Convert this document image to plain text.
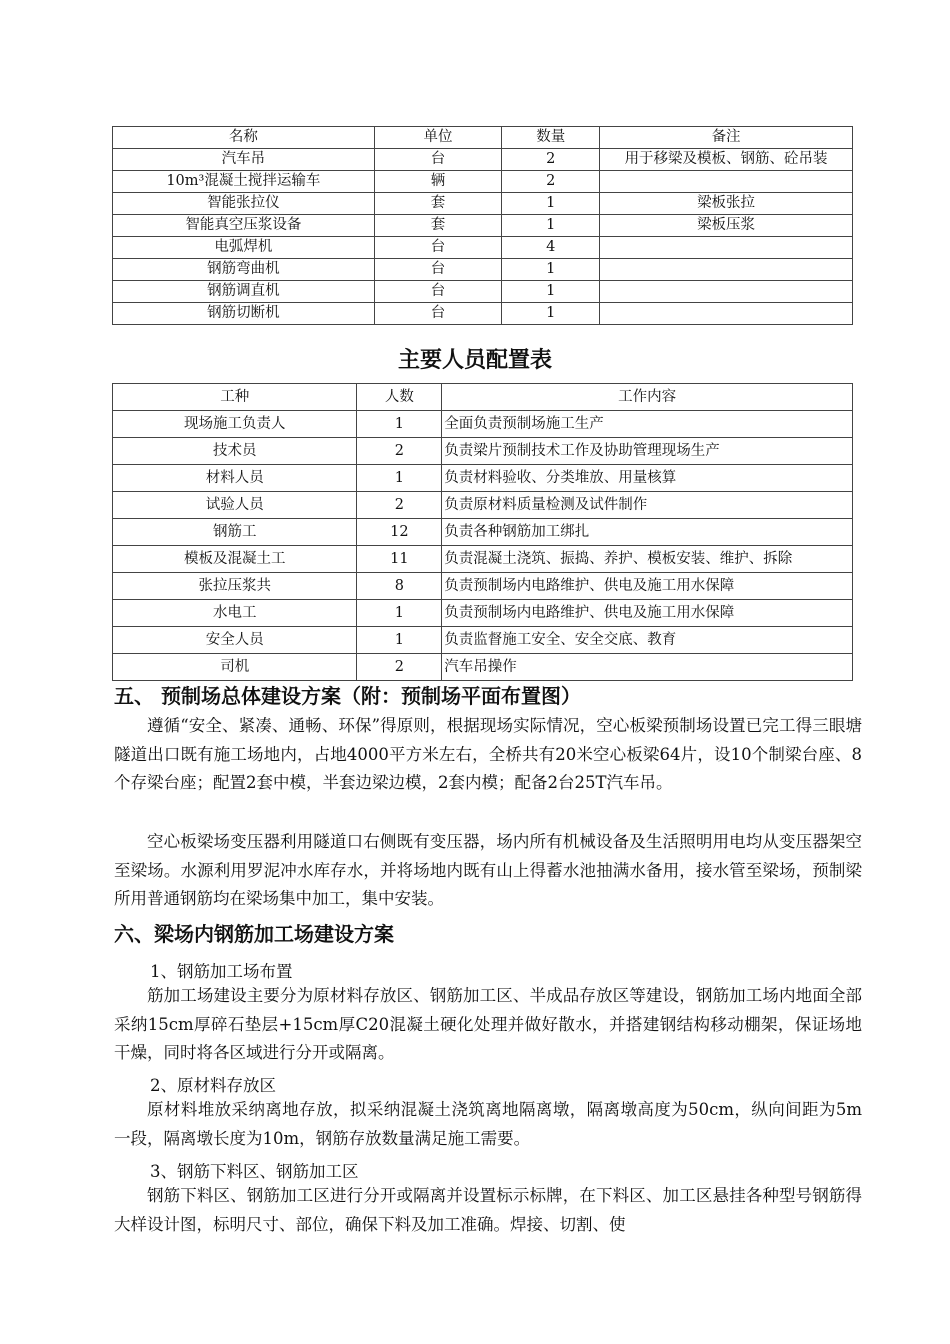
名称	单位	数量	备注
汽车吊	台	2	用于移梁及模板、钢筋、砼吊装
10m³混凝土搅拌运输车	辆	2	
智能张拉仪	套	1	梁板张拉
智能真空压浆设备	套	1	梁板压浆
电弧焊机	台	4	
钢筋弯曲机	台	1	
钢筋调直机	台	1	
钢筋切断机	台	1	
主要人员配置表
工种	人数	工作内容
现场施工负责人	1	全面负责预制场施工生产
技术员	2	负责梁片预制技术工作及协助管理现场生产
材料人员	1	负责材料验收、分类堆放、用量核算
试验人员	2	负责原材料质量检测及试件制作
钢筋工	12	负责各种钢筋加工绑扎
模板及混凝土工	11	负责混凝土浇筑、振捣、养护、模板安装、维护、拆除
张拉压浆共	8	负责预制场内电路维护、供电及施工用水保障
水电工	1	负责预制场内电路维护、供电及施工用水保障
安全人员	1	负责监督施工安全、安全交底、教育
司机	2	汽车吊操作
五、 预制场总体建设方案（附：预制场平面布置图）

遵循“安全、紧凑、通畅、环保”得原则，根据现场实际情况，空心板梁预制场设置已完工得三眼塘隧道出口既有施工场地内，占地4000平方米左右，全桥共有20米空心板梁64片，设10个制梁台座、8个存梁台座；配置2套中模，半套边梁边模，2套内模；配备2台25T汽车吊。

空心板梁场变压器利用隧道口右侧既有变压器，场内所有机械设备及生活照明用电均从变压器架空至梁场。水源利用罗泥冲水库存水，并将场地内既有山上得蓄水池抽满水备用，接水管至梁场，预制梁所用普通钢筋均在梁场集中加工，集中安装。

六、梁场内钢筋加工场建设方案
1、钢筋加工场布置

筋加工场建设主要分为原材料存放区、钢筋加工区、半成品存放区等建设，钢筋加工场内地面全部采纳15cm厚碎石垫层+15cm厚C20混凝土硬化处理并做好散水，并搭建钢结构移动棚架，保证场地干燥，同时将各区域进行分开或隔离。

2、原材料存放区

原材料堆放采纳离地存放，拟采纳混凝土浇筑离地隔离墩，隔离墩高度为50cm，纵向间距为5m一段，隔离墩长度为10m，钢筋存放数量满足施工需要。

3、钢筋下料区、钢筋加工区

钢筋下料区、钢筋加工区进行分开或隔离并设置标示标牌，在下料区、加工区悬挂各种型号钢筋得大样设计图，标明尺寸、部位，确保下料及加工准确。焊接、切割、使
